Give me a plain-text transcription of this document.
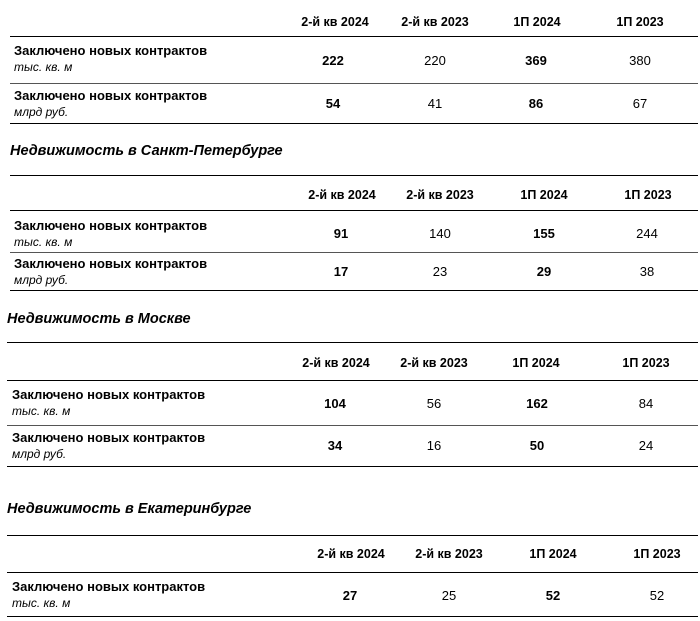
2-й кв 2024	2-й кв 2023	1П 2024	1П 2023
Заключено новых контрактов
тыс. кв. м	222	220	369	380
Заключено новых контрактов
млрд руб.
54	41	86	67
Недвижимость в Санкт-Петербурге
2-й кв 2024	2-й кв 2023	1П 2024	1П 2023
Заключено новых контрактов
тыс. кв. м
91	140	155	244
Заключено новых контрактов
млрд руб.
17	23	29	38
Недвижимость в Москве
2-й кв 2024	2-й кв 2023	1П 2024	1П 2023
Заключено новых контрактов
тыс. кв. м	104	56	162	84
Заключено новых контрактов
млрд руб.
34	16	50	24
Недвижимость в Екатеринбурге
2-й кв 2024	2-й кв 2023	1П 2024	1П 2023
Заключено новых контрактов
тыс. кв. м	27	25	52	52
